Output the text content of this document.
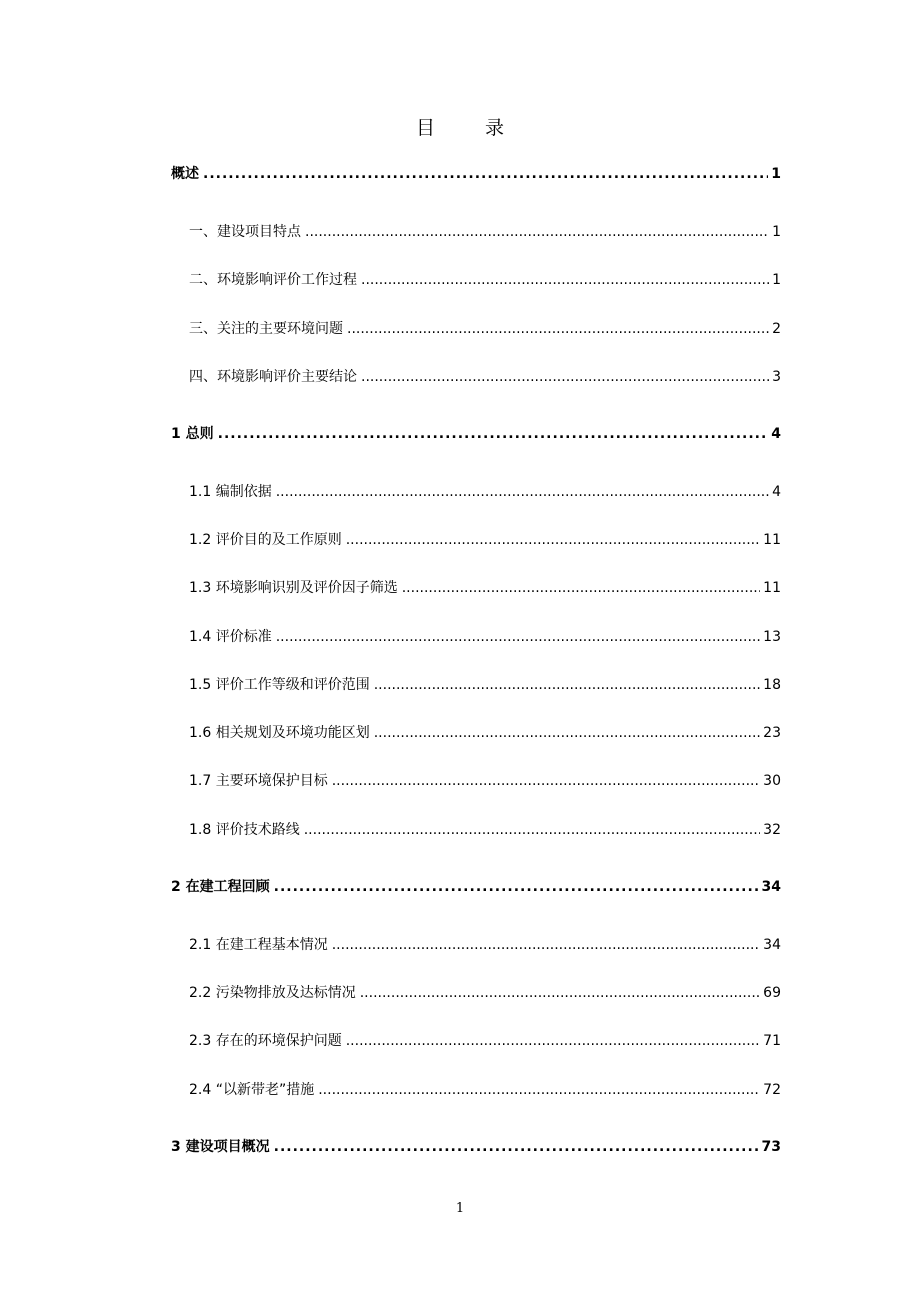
目 录
概述 .....	1
一、建设项目特点 .....	1
二、环境影响评价工作过程 .....	1
三、关注的主要环境问题 .....	2
四、环境影响评价主要结论 .....	3
1 总则 .....	4
1.1 编制依据 .....	4
1.2 评价目的及工作原则 .....	11
1.3 环境影响识别及评价因子筛选 .....	11
1.4 评价标准 .....	13
1.5 评价工作等级和评价范围 .....	18
1.6 相关规划及环境功能区划 .....	23
1.7 主要环境保护目标 .....	30
1.8 评价技术路线 .....	32
2 在建工程回顾 .....	34
2.1 在建工程基本情况 .....	34
2.2 污染物排放及达标情况 .....	69
2.3 存在的环境保护问题 .....	71
2.4 “以新带老”措施 .....	72
3 建设项目概况 .....	73
1
